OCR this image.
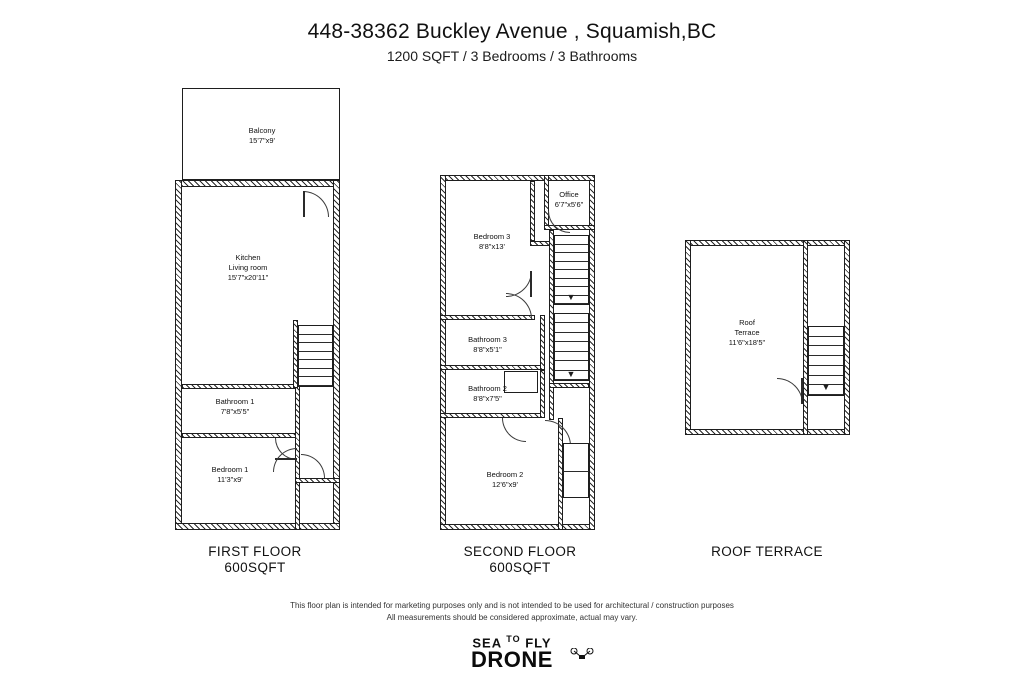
448-38362 Buckley Avenue , Squamish,BC
1200 SQFT / 3 Bedrooms / 3 Bathrooms
Balcony
15'7"x9'
Kitchen
Living room
15'7"x20'11"
Bathroom 1
7'8"x5'5"
Bedroom 1
11'3"x9'
FIRST FLOOR
600SQFT
Office
6'7"x5'6"
Bedroom 3
8'8"x13'
Bathroom 3
8'8"x5'1"
Bathroom 2
8'8"x7'5"
Bedroom 2
12'6"x9'
▼
▼
SECOND FLOOR
600SQFT
Roof
Terrace
11'6"x18'5"
▼
ROOF TERRACE
This floor plan is intended for marketing purposes only and is not intended to be used for architectural / construction purposes
All measurements should be considered approximate, actual may vary.
SEA $^{TO}$ FLY
DRONE
